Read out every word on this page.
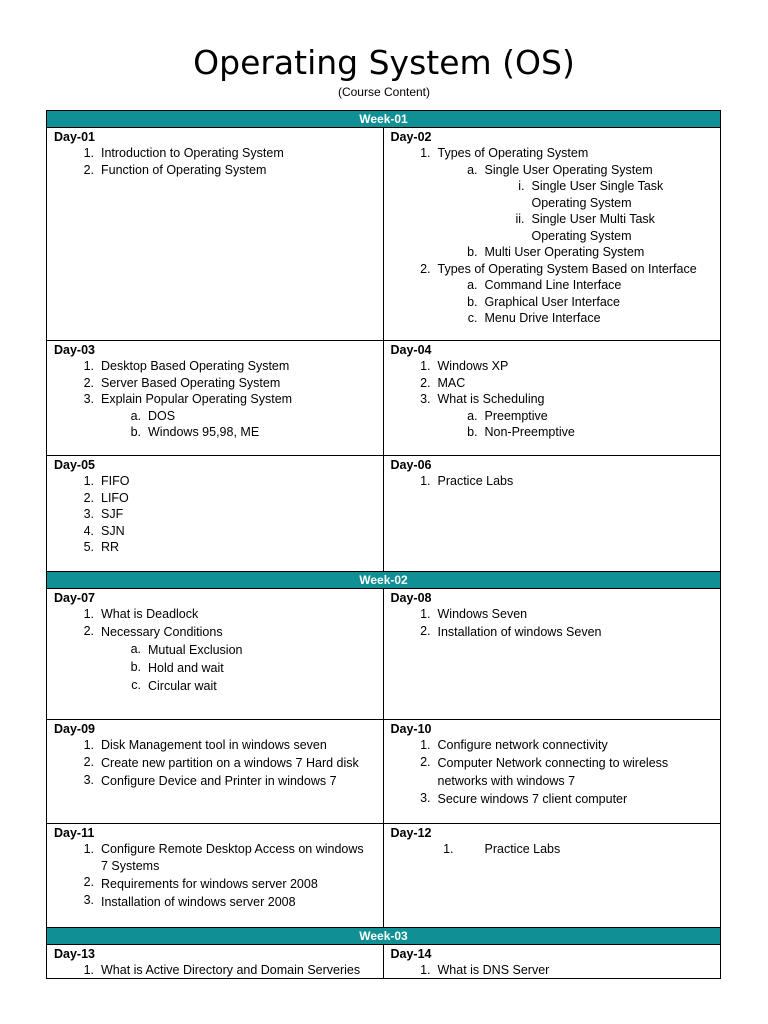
Operating System (OS)
(Course Content)
Week-01
Day-01
1. Introduction to Operating System
2. Function of Operating System
Day-02
1. Types of Operating System
a. Single User Operating System
i. Single User Single Task
Operating System
ii. Single User Multi Task
Operating System
b. Multi User Operating System
2. Types of Operating System Based on Interface
a. Command Line Interface
b. Graphical User Interface
c. Menu Drive Interface
Day-03
1. Desktop Based Operating System
2. Server Based Operating System
3. Explain Popular Operating System
a. DOS
b. Windows 95,98, ME
Day-04
1. Windows XP
2. MAC
3. What is Scheduling
a. Preemptive
b. Non-Preemptive
Day-05
1. FIFO
2. LIFO
3. SJF
4. SJN
5. RR
Day-06
1. Practice Labs
Week-02
Day-07
1. What is Deadlock
2. Necessary Conditions
a. Mutual Exclusion
b. Hold and wait
c. Circular wait
Day-08
1. Windows Seven
2. Installation of windows Seven
Day-09
1. Disk Management tool in windows seven
2. Create new partition on a windows 7 Hard disk
3. Configure Device and Printer in windows 7
Day-10
1. Configure network connectivity
2. Computer Network connecting to wireless
networks with windows 7
3. Secure windows 7 client computer
Day-11
1. Configure Remote Desktop Access on windows
7 Systems
2. Requirements for windows server 2008
3. Installation of windows server 2008
Day-12
1. Practice Labs
Week-03
Day-13
1. What is Active Directory and Domain Serveries
Day-14
1. What is DNS Server
